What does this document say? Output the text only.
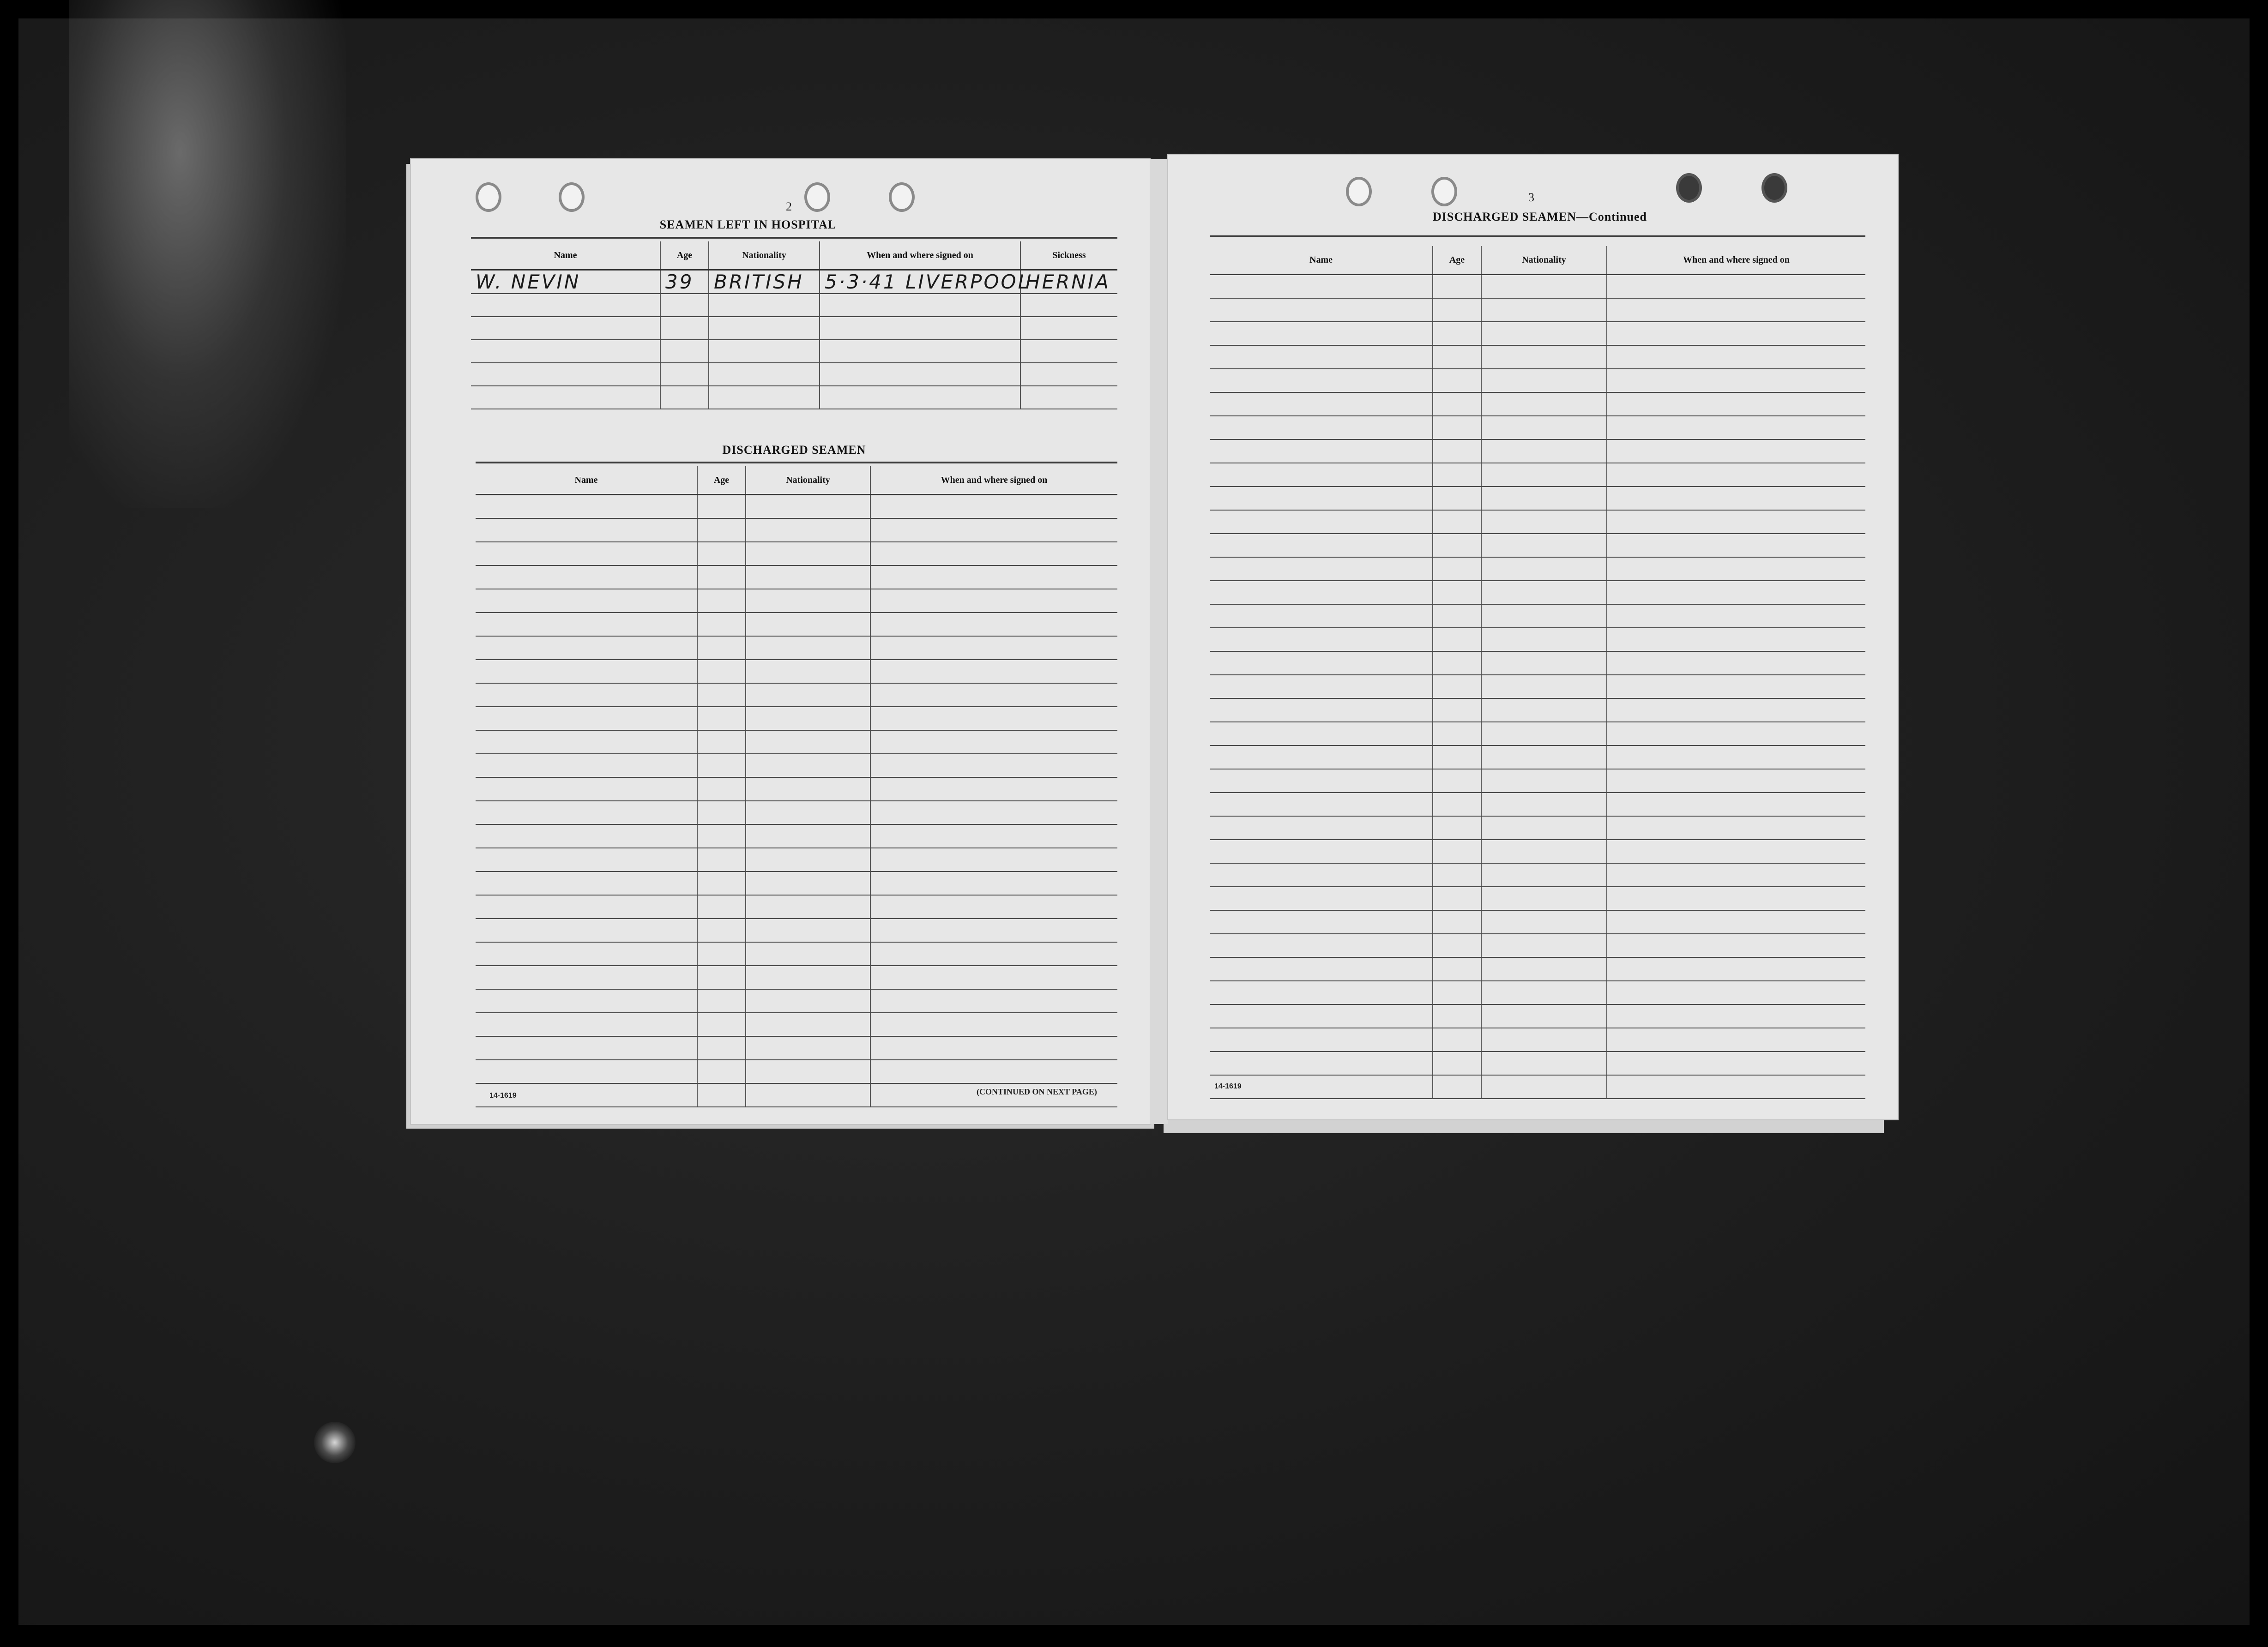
2
SEAMEN LEFT IN HOSPITAL
Name	Age	Nationality	When and where signed on	Sickness
W. NEVIN	39	BRITISH	5·3·41 LIVERPOOL	HERNIA

DISCHARGED SEAMEN
Name	Age	Nationality	When and where signed on

14-1619	(CONTINUED ON NEXT PAGE)
3
DISCHARGED SEAMEN—Continued
Name	Age	Nationality	When and where signed on

14-1619
